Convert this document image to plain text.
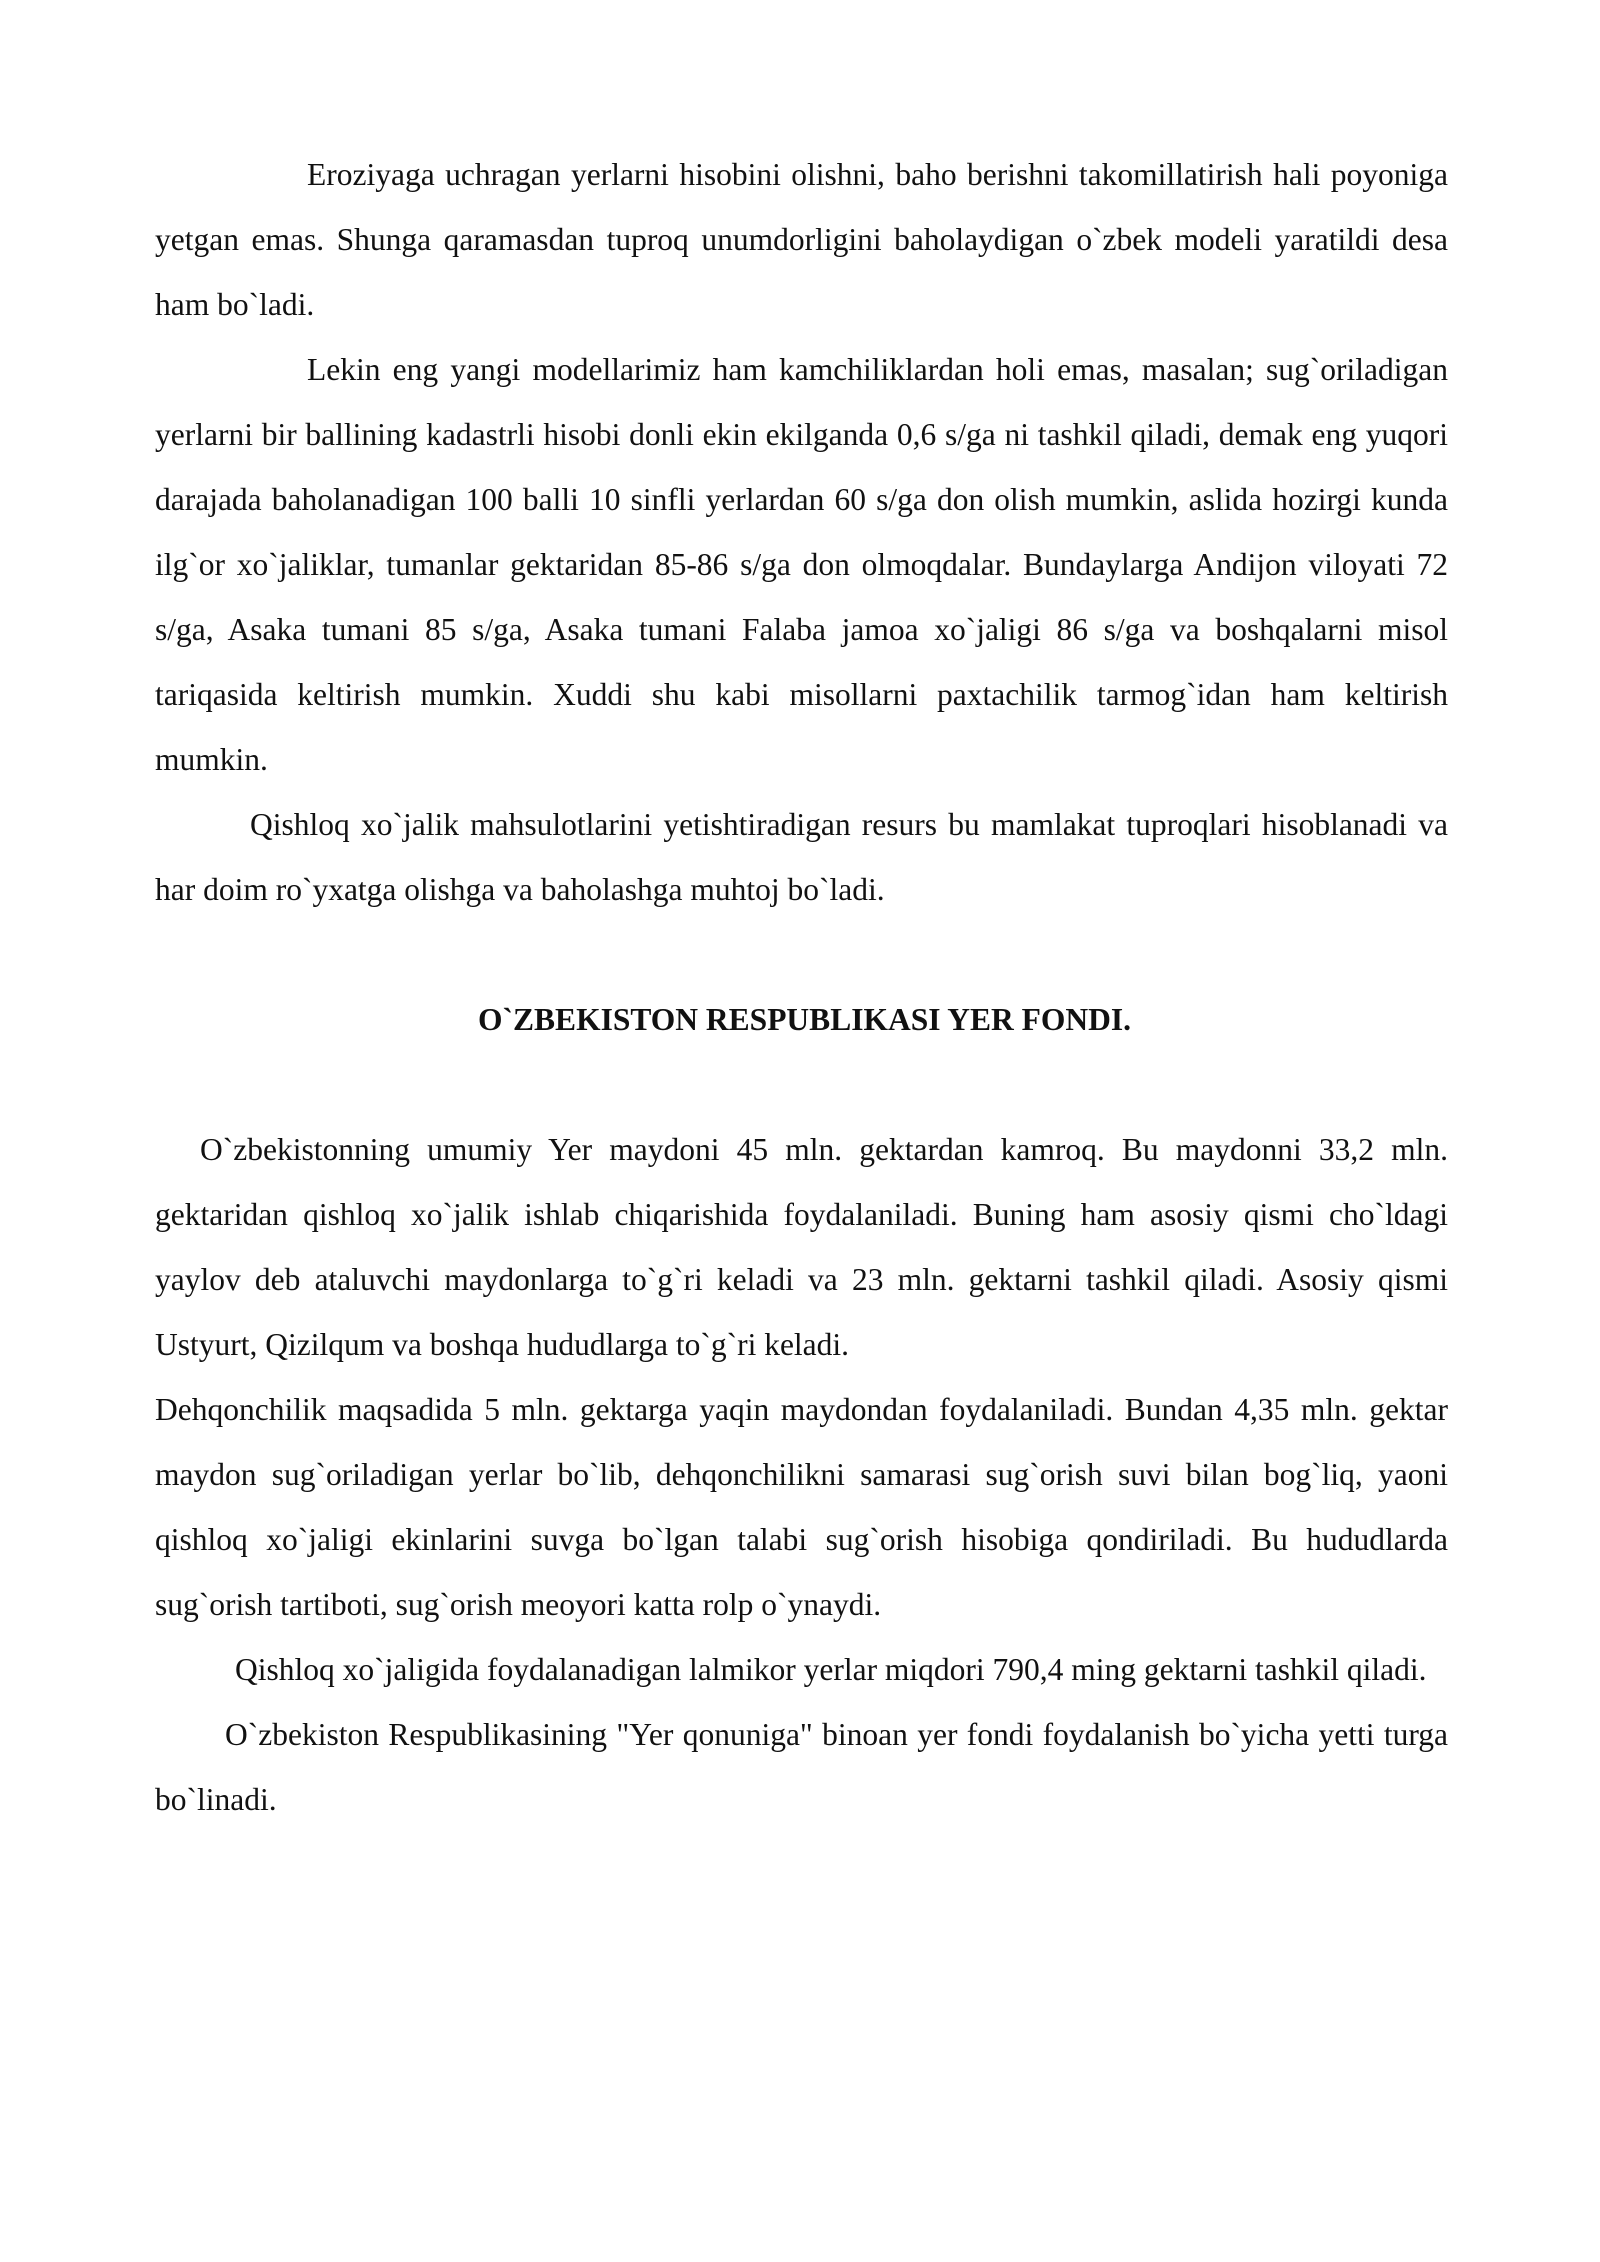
Eroziyaga uchragan yerlarni hisobini olishni, baho berishni takomillatirish hali poyoniga yetgan emas. Shunga qaramasdan tuproq unumdorligini baholaydigan o`zbek modeli yaratildi desa ham bo`ladi.

Lekin eng yangi modellarimiz ham kamchiliklardan holi emas, masalan; sug`oriladigan yerlarni bir ballining kadastrli hisobi donli ekin ekilganda 0,6 s/ga ni tashkil qiladi, demak eng yuqori darajada baholanadigan 100 balli 10 sinfli yerlardan 60 s/ga don olish mumkin, aslida hozirgi kunda ilg`or xo`jaliklar, tumanlar gektaridan 85-86 s/ga don olmoqdalar. Bundaylarga Andijon viloyati 72 s/ga, Asaka tumani 85 s/ga, Asaka tumani Falaba jamoa xo`jaligi 86 s/ga va boshqalarni misol tariqasida keltirish mumkin. Xuddi shu kabi misollarni paxtachilik tarmog`idan ham keltirish mumkin.

Qishloq xo`jalik mahsulotlarini yetishtiradigan resurs bu mamlakat tuproqlari hisoblanadi va har doim ro`yxatga olishga va baholashga muhtoj bo`ladi.

O`ZBEKISTON RESPUBLIKASI YER FONDI.

O`zbekistonning umumiy Yer maydoni 45 mln. gektardan kamroq. Bu maydonni 33,2 mln. gektaridan qishloq xo`jalik ishlab chiqarishida foydalaniladi. Buning ham asosiy qismi cho`ldagi yaylov deb ataluvchi maydonlarga to`g`ri keladi va 23 mln. gektarni tashkil qiladi. Asosiy qismi Ustyurt, Qizilqum va boshqa hududlarga to`g`ri keladi.

Dehqonchilik maqsadida 5 mln. gektarga yaqin maydondan foydalaniladi. Bundan 4,35 mln. gektar maydon sug`oriladigan yerlar bo`lib, dehqonchilikni samarasi sug`orish suvi bilan bog`liq, yaoni qishloq xo`jaligi ekinlarini suvga bo`lgan talabi sug`orish hisobiga qondiriladi. Bu hududlarda sug`orish tartiboti, sug`orish meoyori katta rolp o`ynaydi.

Qishloq xo`jaligida foydalanadigan lalmikor yerlar miqdori 790,4 ming gektarni tashkil qiladi.

O`zbekiston Respublikasining "Yer qonuniga" binoan yer fondi foydalanish bo`yicha yetti turga bo`linadi.
